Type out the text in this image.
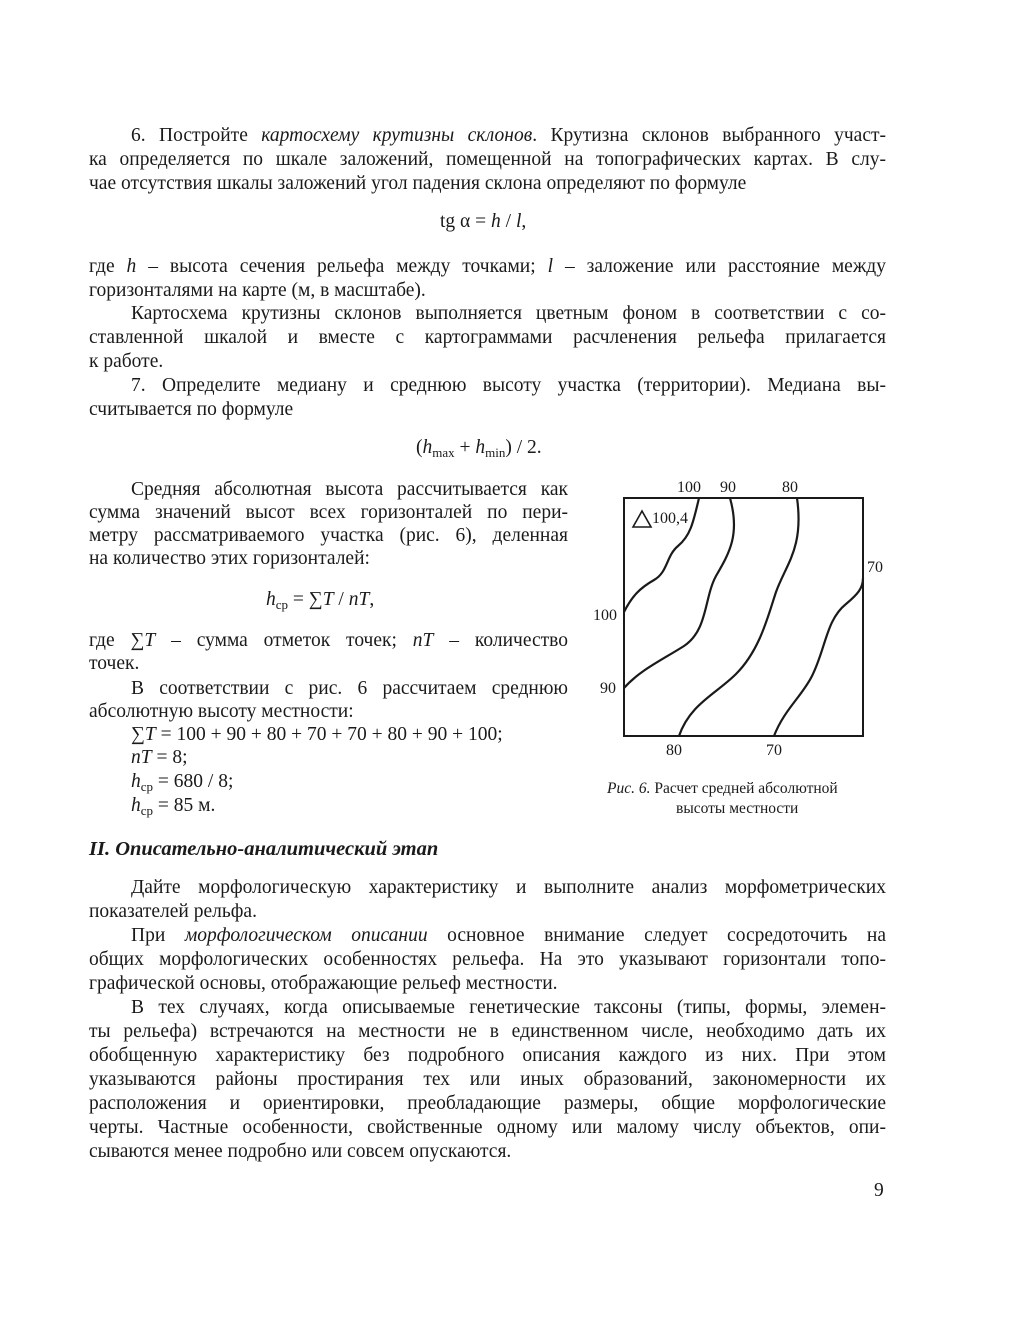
6. Постройте картосхему крутизны склонов. Крутизна склонов выбранного участ-
ка определяется по шкале заложений, помещенной на топографических картах. В слу-
чае отсутствия шкалы заложений угол падения склона определяют по формуле
tg α = h / l,
где h – высота сечения рельефа между точками; l – заложение или расстояние между
горизонталями на карте (м, в масштабе).
Картосхема крутизны склонов выполняется цветным фоном в соответствии с со-
ставленной шкалой и вместе с картограммами расчленения рельефа прилагается
к работе.
7. Определите медиану и среднюю высоту участка (территории). Медиана вы-
считывается по формуле
$(h_{max} + h_{min}) / 2$.
Средняя абсолютная высота рассчитывается как
сумма значений высот всех горизонталей по пери-
метру рассматриваемого участка (рис. 6), деленная
на количество этих горизонталей:
$h_{ср} = \sum T$ / nT,
где ∑T – сумма отметок точек; nT – количество
точек.
В соответствии с рис. 6 рассчитаем среднюю
абсолютную высоту местности:
∑T = 100 + 90 + 80 + 70 + 70 + 80 + 90 + 100;
nT = 8;
$h_{ср} = 680 / 8$;
$h_{ср} = 85$ м.
100 90	80
70
100
90
80	70
100,4
Рис. 6. Расчет средней абсолютной
высоты местности
II. Описательно-аналитический этап
Дайте морфологическую характеристику и выполните анализ морфометрических
показателей рельфа.
При морфологическом описании основное внимание следует сосредоточить на
общих морфологических особенностях рельефа. На это указывают горизонтали топо-
графической основы, отображающие рельеф местности.
В тех случаях, когда описываемые генетические таксоны (типы, формы, элемен-
ты рельефа) встречаются на местности не в единственном числе, необходимо дать их
обобщенную характеристику без подробного описания каждого из них. При этом
указываются районы простирания тех или иных образований, закономерности их
расположения и ориентировки, преобладающие размеры, общие морфологические
черты. Частные особенности, свойственные одному или малому числу объектов, опи-
сываются менее подробно или совсем опускаются.
9
